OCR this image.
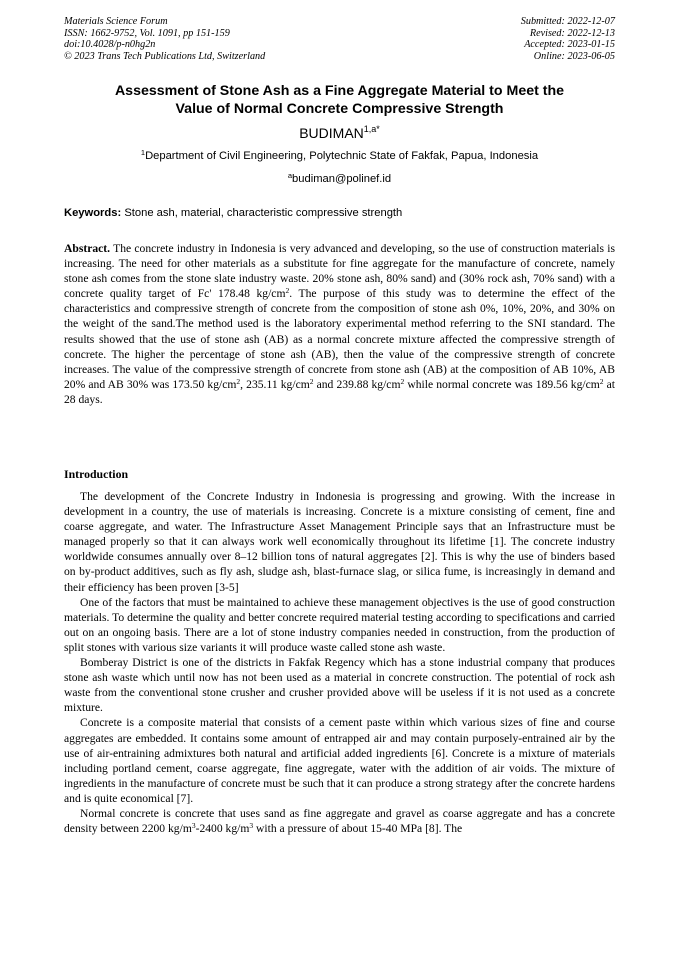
Materials Science Forum
ISSN: 1662-9752, Vol. 1091, pp 151-159
doi:10.4028/p-n0hg2n
© 2023 Trans Tech Publications Ltd, Switzerland
Submitted: 2022-12-07
Revised: 2022-12-13
Accepted: 2023-01-15
Online: 2023-06-05
Assessment of Stone Ash as a Fine Aggregate Material to Meet the
Value of Normal Concrete Compressive Strength
$BUDIMAN^{1,a*}$
$^1$Department of Civil Engineering, Polytechnic State of Fakfak, Papua, Indonesia
$^a$budiman@polinef.id
Keywords: Stone ash, material, characteristic compressive strength
Abstract. The concrete industry in Indonesia is very advanced and developing, so the use of construction materials is increasing. The need for other materials as a substitute for fine aggregate for the manufacture of concrete, namely stone ash comes from the stone slate industry waste. 20% stone ash, 80% sand) and (30% rock ash, 70% sand) with a concrete quality target of Fc' 178.48 $kg/cm^2$. The purpose of this study was to determine the effect of the characteristics and compressive strength of concrete from the composition of stone ash 0%, 10%, 20%, and 30% on the weight of the sand.The method used is the laboratory experimental method referring to the SNI standard. The results showed that the use of stone ash (AB) as a normal concrete mixture affected the compressive strength of concrete. The higher the percentage of stone ash (AB), then the value of the compressive strength of concrete increases. The value of the compressive strength of concrete from stone ash (AB) at the composition of AB 10%, AB 20% and AB 30% was 173.50 $kg/cm^2$, 235.11 $kg/cm^2$ and 239.88 $kg/cm^2$ while normal concrete was 189.56 $kg/cm^2$ at 28 days.
Introduction

The development of the Concrete Industry in Indonesia is progressing and growing. With the increase in development in a country, the use of materials is increasing. Concrete is a mixture consisting of cement, fine and coarse aggregate, and water. The Infrastructure Asset Management Principle says that an Infrastructure must be managed properly so that it can always work well economically throughout its lifetime [1]. The concrete industry worldwide consumes annually over 8–12 billion tons of natural aggregates [2]. This is why the use of binders based on by-product additives, such as fly ash, sludge ash, blast-furnace slag, or silica fume, is increasingly in demand and their efficiency has been proven [3-5]

One of the factors that must be maintained to achieve these management objectives is the use of good construction materials. To determine the quality and better concrete required material testing according to specifications and carried out on an ongoing basis. There are a lot of stone industry companies needed in construction, from the production of split stones with various size variants it will produce waste called stone ash waste.

Bomberay District is one of the districts in Fakfak Regency which has a stone industrial company that produces stone ash waste which until now has not been used as a material in concrete construction. The potential of rock ash waste from the conventional stone crusher and crusher provided above will be useless if it is not used as a concrete mixture.

Concrete is a composite material that consists of a cement paste within which various sizes of fine and course aggregates are embedded. It contains some amount of entrapped air and may contain purposely-entrained air by the use of air-entraining admixtures both natural and artificial added ingredients [6]. Concrete is a mixture of materials including portland cement, coarse aggregate, fine aggregate, water with the addition of air voids. The mixture of ingredients in the manufacture of concrete must be such that it can produce a strong strategy after the concrete hardens and is quite economical [7].

Normal concrete is concrete that uses sand as fine aggregate and gravel as coarse aggregate and has a concrete density between 2200 $kg/m^3-2400$ $kg/m^3$ with a pressure of about 15-40 MPa [8]. The
